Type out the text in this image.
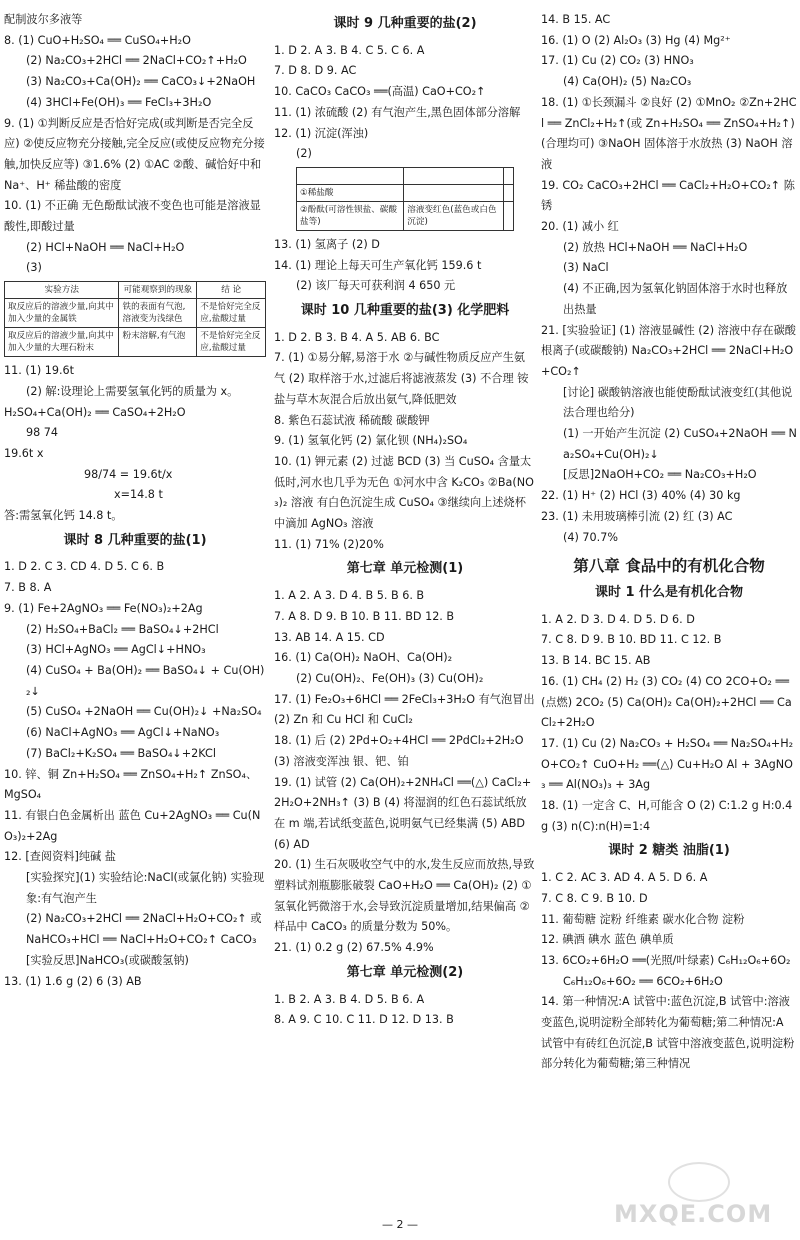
配制波尔多液等

8. (1) CuO+H₂SO₄ ══ CuSO₄+H₂O

(2) Na₂CO₃+2HCl ══ 2NaCl+CO₂↑+H₂O

(3) Na₂CO₃+Ca(OH)₂ ══ CaCO₃↓+2NaOH

(4) 3HCl+Fe(OH)₃ ══ FeCl₃+3H₂O

9. (1) ①判断反应是否恰好完成(或判断是否完全反应) ②使反应物充分接触,完全反应(或使反应物充分接触,加快反应等) ③1.6% (2) ①AC ②酸、碱恰好中和 Na⁺、H⁺ 稀盐酸的密度

10. (1) 不正确 无色酚酞试液不变色也可能是溶液显酸性,即酸过量

(2) HCl+NaOH ══ NaCl+H₂O

(3)

实验方法	可能观察到的现象	结 论
取反应后的溶液少量,向其中加入少量的金属铁	铁的表面有气泡,溶液变为浅绿色	不是恰好完全反应,盐酸过量
取反应后的溶液少量,向其中加入少量的大理石粉末	粉末溶解,有气泡	不是恰好完全反应,盐酸过量

11. (1) 19.6t

(2) 解:设理论上需要氢氧化钙的质量为 x。

H₂SO₄+Ca(OH)₂ ══ CaSO₄+2H₂O

98 74

19.6t x

98/74 = 19.6t/x

x=14.8 t

答:需氢氧化钙 14.8 t。

课时 8 几种重要的盐(1)

1. D 2. C 3. CD 4. D 5. C 6. B

7. B 8. A

9. (1) Fe+2AgNO₃ ══ Fe(NO₃)₂+2Ag

(2) H₂SO₄+BaCl₂ ══ BaSO₄↓+2HCl

(3) HCl+AgNO₃ ══ AgCl↓+HNO₃

(4) CuSO₄ + Ba(OH)₂ ══ BaSO₄↓ + Cu(OH)₂↓

(5) CuSO₄ +2NaOH ══ Cu(OH)₂↓ +Na₂SO₄

(6) NaCl+AgNO₃ ══ AgCl↓+NaNO₃

(7) BaCl₂+K₂SO₄ ══ BaSO₄↓+2KCl

10. 锌、铜 Zn+H₂SO₄ ══ ZnSO₄+H₂↑ ZnSO₄、MgSO₄

11. 有银白色金属析出 蓝色 Cu+2AgNO₃ ══ Cu(NO₃)₂+2Ag

12. [查阅资料]纯碱 盐

[实验探究](1) 实验结论:NaCl(或氯化钠) 实验现象:有气泡产生

(2) Na₂CO₃+2HCl ══ 2NaCl+H₂O+CO₂↑ 或 NaHCO₃+HCl ══ NaCl+H₂O+CO₂↑ CaCO₃

[实验反思]NaHCO₃(或碳酸氢钠)

13. (1) 1.6 g (2) 6 (3) AB

课时 9 几种重要的盐(2)

1. D 2. A 3. B 4. C 5. C 6. A

7. D 8. D 9. AC

10. CaCO₃ CaCO₃ ══(高温) CaO+CO₂↑

11. (1) 浓硫酸 (2) 有气泡产生,黑色固体部分溶解

12. (1) 沉淀(浑浊)

(2)

①稀盐酸		
②酚酞(可溶性钡盐、碳酸盐等)	溶液变红色(蓝色或白色沉淀)	

13. (1) 氢离子 (2) D

14. (1) 理论上每天可生产氧化钙 159.6 t

(2) 该厂每天可获利润 4 650 元

课时 10 几种重要的盐(3) 化学肥料

1. D 2. B 3. B 4. A 5. AB 6. BC

7. (1) ①易分解,易溶于水 ②与碱性物质反应产生氨气 (2) 取样溶于水,过滤后将滤液蒸发 (3) 不合理 铵盐与草木灰混合后放出氨气,降低肥效

8. 紫色石蕊试液 稀硫酸 碳酸钾

9. (1) 氢氧化钙 (2) 氯化钡 (NH₄)₂SO₄

10. (1) 钾元素 (2) 过滤 BCD (3) 当 CuSO₄ 含量太低时,河水也几乎为无色 ①河水中含 K₂CO₃ ②Ba(NO₃)₂ 溶液 有白色沉淀生成 CuSO₄ ③继续向上述烧杯中滴加 AgNO₃ 溶液

11. (1) 71% (2)20%

第七章 单元检测(1)

1. A 2. A 3. D 4. B 5. B 6. B

7. A 8. D 9. B 10. B 11. BD 12. B

13. AB 14. A 15. CD

16. (1) Ca(OH)₂ NaOH、Ca(OH)₂

(2) Cu(OH)₂、Fe(OH)₃ (3) Cu(OH)₂

17. (1) Fe₂O₃+6HCl ══ 2FeCl₃+3H₂O 有气泡冒出 (2) Zn 和 Cu HCl 和 CuCl₂

18. (1) 后 (2) 2Pd+O₂+4HCl ══ 2PdCl₂+2H₂O (3) 溶液变浑浊 银、钯、铂

19. (1) 试管 (2) Ca(OH)₂+2NH₄Cl ══(△) CaCl₂+2H₂O+2NH₃↑ (3) B (4) 将湿润的红色石蕊试纸放在 m 端,若试纸变蓝色,说明氨气已经集满 (5) ABD (6) AD

20. (1) 生石灰吸收空气中的水,发生反应而放热,导致塑料试剂瓶膨胀破裂 CaO+H₂O ══ Ca(OH)₂ (2) ① 氢氧化钙微溶于水,会导致沉淀质量增加,结果偏高 ② 样品中 CaCO₃ 的质量分数为 50%。

21. (1) 0.2 g (2) 67.5% 4.9%

第七章 单元检测(2)

1. B 2. A 3. B 4. D 5. B 6. A

8. A 9. C 10. C 11. D 12. D 13. B

14. B 15. AC

16. (1) O (2) Al₂O₃ (3) Hg (4) Mg²⁺

17. (1) Cu (2) CO₂ (3) HNO₃

(4) Ca(OH)₂ (5) Na₂CO₃

18. (1) ①长颈漏斗 ②良好 (2) ①MnO₂ ②Zn+2HCl ══ ZnCl₂+H₂↑(或 Zn+H₂SO₄ ══ ZnSO₄+H₂↑)(合理均可) ③NaOH 固体溶于水放热 (3) NaOH 溶液

19. CO₂ CaCO₃+2HCl ══ CaCl₂+H₂O+CO₂↑ 陈锈

20. (1) 减小 红

(2) 放热 HCl+NaOH ══ NaCl+H₂O

(3) NaCl

(4) 不正确,因为氢氧化钠固体溶于水时也释放出热量

21. [实验验证] (1) 溶液显碱性 (2) 溶液中存在碳酸根离子(或碳酸钠) Na₂CO₃+2HCl ══ 2NaCl+H₂O+CO₂↑

[讨论] 碳酸钠溶液也能使酚酞试液变红(其他说法合理也给分)

(1) 一开始产生沉淀 (2) CuSO₄+2NaOH ══ Na₂SO₄+Cu(OH)₂↓

[反思]2NaOH+CO₂ ══ Na₂CO₃+H₂O

22. (1) H⁺ (2) HCl (3) 40% (4) 30 kg

23. (1) 未用玻璃棒引流 (2) 红 (3) AC

(4) 70.7%

第八章 食品中的有机化合物
课时 1 什么是有机化合物

1. A 2. D 3. D 4. D 5. D 6. D

7. C 8. D 9. B 10. BD 11. C 12. B

13. B 14. BC 15. AB

16. (1) CH₄ (2) H₂ (3) CO₂ (4) CO 2CO+O₂ ══(点燃) 2CO₂ (5) Ca(OH)₂ Ca(OH)₂+2HCl ══ CaCl₂+2H₂O

17. (1) Cu (2) Na₂CO₃ + H₂SO₄ ══ Na₂SO₄+H₂O+CO₂↑ CuO+H₂ ══(△) Cu+H₂O Al + 3AgNO₃ ══ Al(NO₃)₃ + 3Ag

18. (1) 一定含 C、H,可能含 O (2) C:1.2 g H:0.4 g (3) n(C):n(H)=1:4

课时 2 糖类 油脂(1)

1. C 2. AC 3. AD 4. A 5. D 6. A

7. C 8. C 9. B 10. D

11. 葡萄糖 淀粉 纤维素 碳水化合物 淀粉

12. 碘酒 碘水 蓝色 碘单质

13. 6CO₂+6H₂O ══(光照/叶绿素) C₆H₁₂O₆+6O₂

C₆H₁₂O₆+6O₂ ══ 6CO₂+6H₂O

14. 第一种情况:A 试管中:蓝色沉淀,B 试管中:溶液变蓝色,说明淀粉全部转化为葡萄糖;第二种情况:A 试管中有砖红色沉淀,B 试管中溶液变蓝色,说明淀粉部分转化为葡萄糖;第三种情况

MXQE.COM
— 2 —
